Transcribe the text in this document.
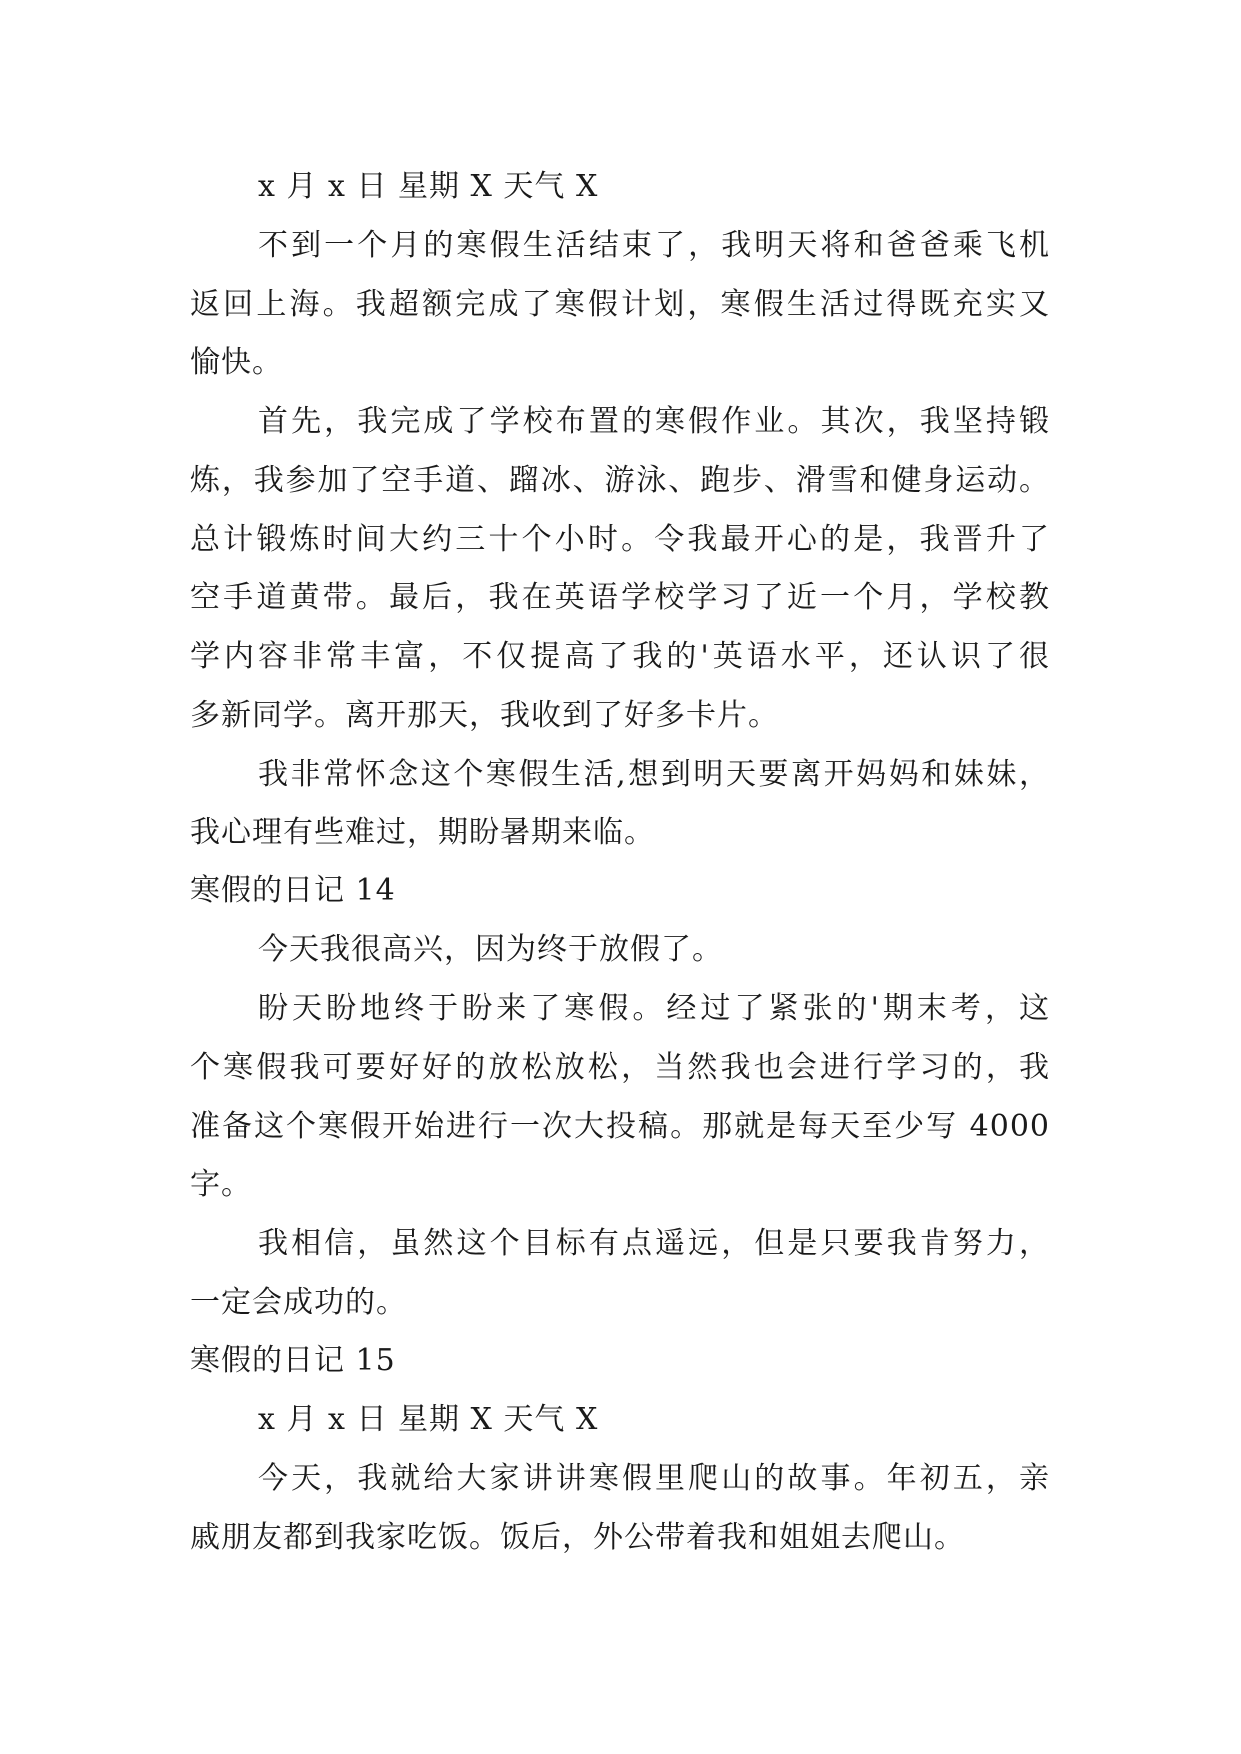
x 月 x 日 星期 X 天气 X
不到一个月的寒假生活结束了，我明天将和爸爸乘飞机
返回上海。我超额完成了寒假计划，寒假生活过得既充实又
愉快。
首先，我完成了学校布置的寒假作业。其次，我坚持锻
炼，我参加了空手道、蹓冰、游泳、跑步、滑雪和健身运动。
总计锻炼时间大约三十个小时。令我最开心的是，我晋升了
空手道黄带。最后，我在英语学校学习了近一个月，学校教
学内容非常丰富，不仅提高了我的'英语水平，还认识了很
多新同学。离开那天，我收到了好多卡片。
我非常怀念这个寒假生活,想到明天要离开妈妈和妹妹，
我心理有些难过，期盼暑期来临。
寒假的日记 14
今天我很高兴，因为终于放假了。
盼天盼地终于盼来了寒假。经过了紧张的'期末考，这
个寒假我可要好好的放松放松，当然我也会进行学习的，我
准备这个寒假开始进行一次大投稿。那就是每天至少写 4000
字。
我相信，虽然这个目标有点遥远，但是只要我肯努力，
一定会成功的。
寒假的日记 15
x 月 x 日 星期 X 天气 X
今天，我就给大家讲讲寒假里爬山的故事。年初五，亲
戚朋友都到我家吃饭。饭后，外公带着我和姐姐去爬山。
